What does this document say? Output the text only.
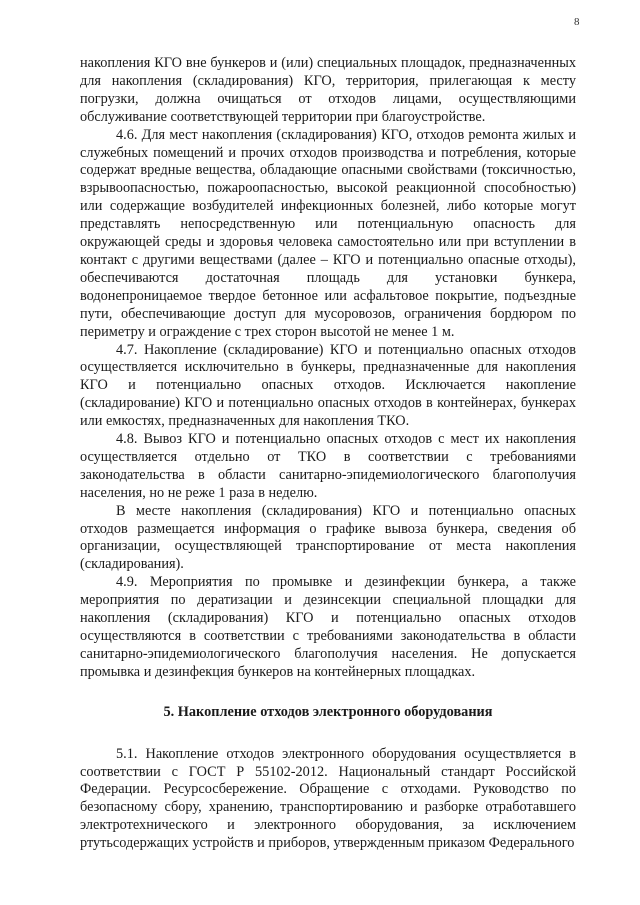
8

накопления КГО вне бункеров и (или) специальных площадок, предназначенных для накопления (складирования) КГО, территория, прилегающая к месту погрузки, должна очищаться от отходов лицами, осуществляющими обслуживание соответствующей территории при благоустройстве.

4.6. Для мест накопления (складирования) КГО, отходов ремонта жилых и служебных помещений и прочих отходов производства и потребления, которые содержат вредные вещества, обладающие опасными свойствами (токсичностью, взрывоопасностью, пожароопасностью, высокой реакционной способностью) или содержащие возбудителей инфекционных болезней, либо которые могут представлять непосредственную или потенциальную опасность для окружающей среды и здоровья человека самостоятельно или при вступлении в контакт с другими веществами (далее – КГО и потенциально опасные отходы), обеспечиваются достаточная площадь для установки бункера, водонепроницаемое твердое бетонное или асфальтовое покрытие, подъездные пути, обеспечивающие доступ для мусоровозов, ограничения бордюром по периметру и ограждение с трех сторон высотой не менее 1 м.

4.7. Накопление (складирование) КГО и потенциально опасных отходов осуществляется исключительно в бункеры, предназначенные для накопления КГО и потенциально опасных отходов. Исключается накопление (складирование) КГО и потенциально опасных отходов в контейнерах, бункерах или емкостях, предназначенных для накопления ТКО.

4.8. Вывоз КГО и потенциально опасных отходов с мест их накопления осуществляется отдельно от ТКО в соответствии с требованиями законодательства в области санитарно-эпидемиологического благополучия населения, но не реже 1 раза в неделю.

В месте накопления (складирования) КГО и потенциально опасных отходов размещается информация о графике вывоза бункера, сведения об организации, осуществляющей транспортирование от места накопления (складирования).

4.9. Мероприятия по промывке и дезинфекции бункера, а также мероприятия по дератизации и дезинсекции специальной площадки для накопления (складирования) КГО и потенциально опасных отходов осуществляются в соответствии с требованиями законодательства в области санитарно-эпидемиологического благополучия населения. Не допускается промывка и дезинфекция бункеров на контейнерных площадках.

5. Накопление отходов электронного оборудования

5.1. Накопление отходов электронного оборудования осуществляется в соответствии с ГОСТ Р 55102-2012. Национальный стандарт Российской Федерации. Ресурсосбережение. Обращение с отходами. Руководство по безопасному сбору, хранению, транспортированию и разборке отработавшего электротехнического и электронного оборудования, за исключением ртутьсодержащих устройств и приборов, утвержденным приказом Федерального
